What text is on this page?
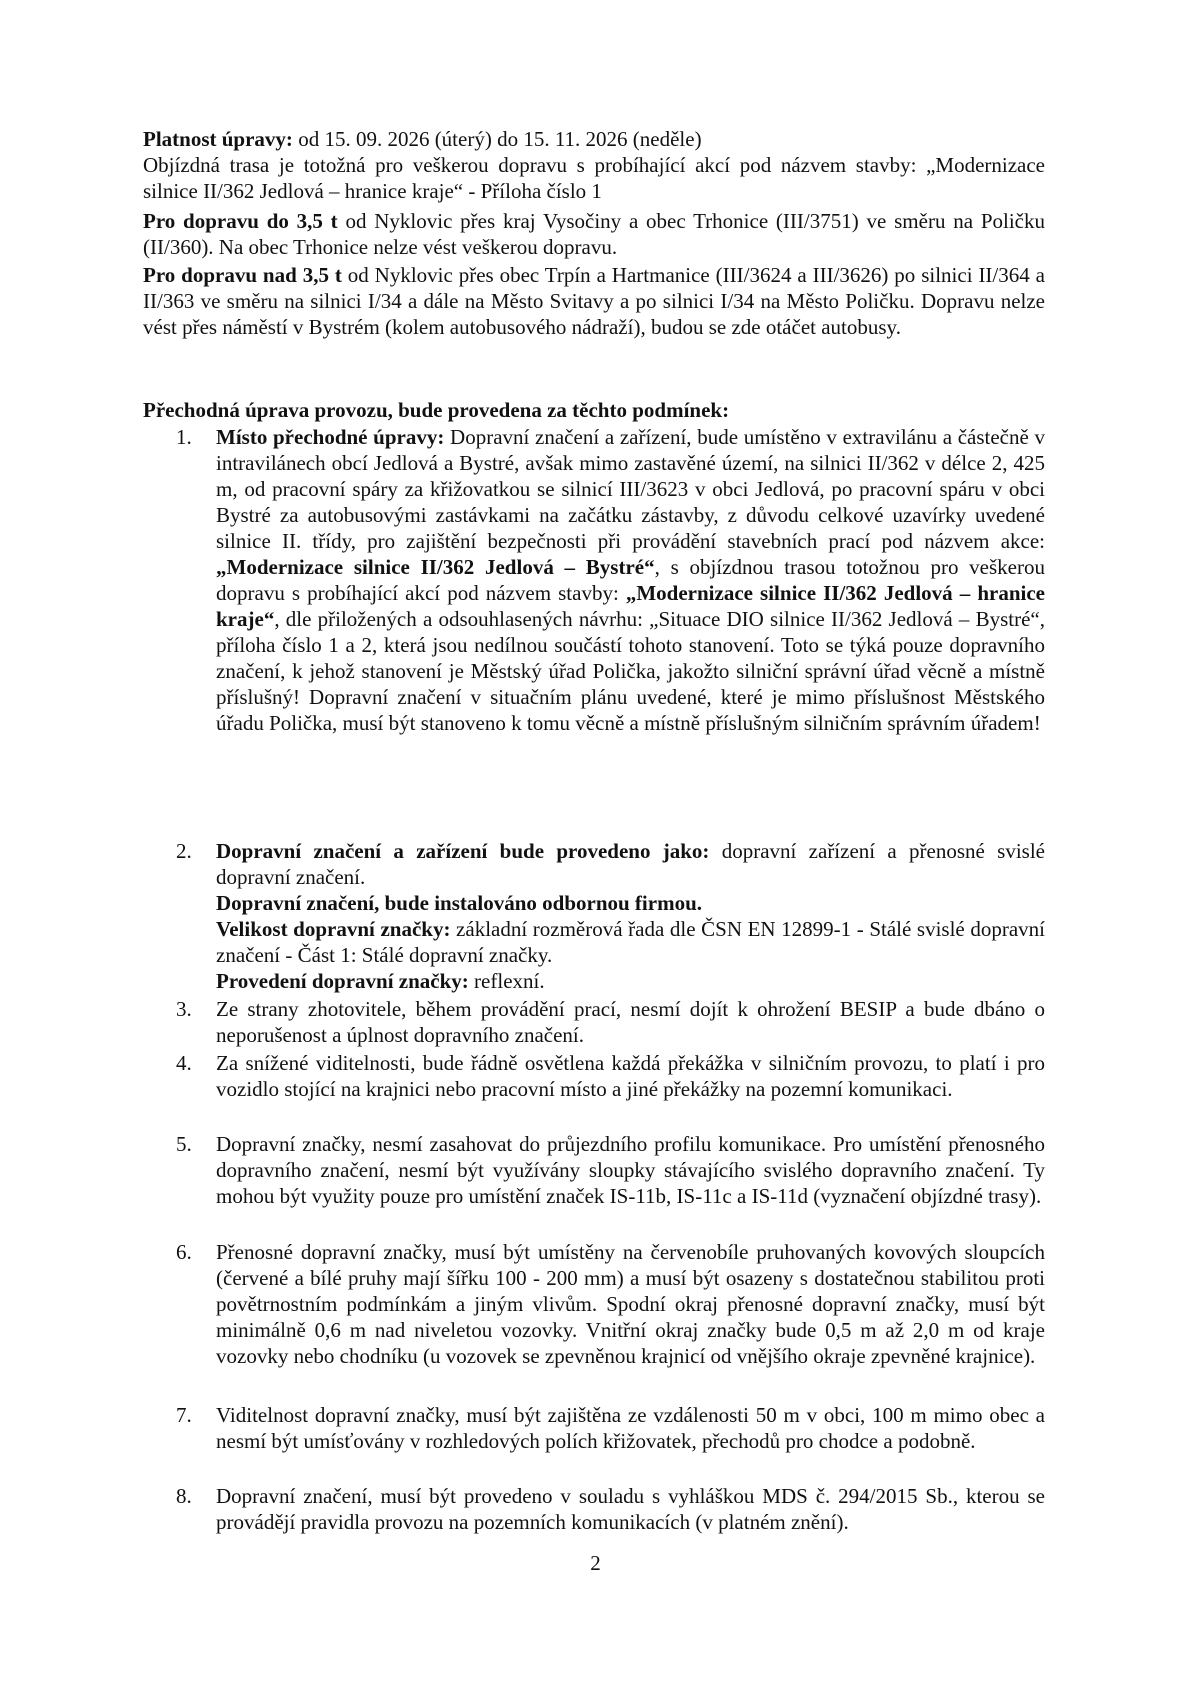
Platnost úpravy: od 15. 09. 2026 (úterý) do 15. 11. 2026 (neděle)

Objízdná trasa je totožná pro veškerou dopravu s probíhající akcí pod názvem stavby: „Modernizace silnice II/362 Jedlová – hranice kraje“ - Příloha číslo 1

Pro dopravu do 3,5 t od Nyklovic přes kraj Vysočiny a obec Trhonice (III/3751) ve směru na Poličku (II/360). Na obec Trhonice nelze vést veškerou dopravu.

Pro dopravu nad 3,5 t od Nyklovic přes obec Trpín a Hartmanice (III/3624 a III/3626) po silnici II/364 a II/363 ve směru na silnici I/34 a dále na Město Svitavy a po silnici I/34 na Město Poličku. Dopravu nelze vést přes náměstí v Bystrém (kolem autobusového nádraží), budou se zde otáčet autobusy.

Přechodná úprava provozu, bude provedena za těchto podmínek:

1.	Místo přechodné úpravy: Dopravní značení a zařízení, bude umístěno v extravilánu a částečně v intravilánech obcí Jedlová a Bystré, avšak mimo zastavěné území, na silnici II/362 v délce 2, 425 m, od pracovní spáry za křižovatkou se silnicí III/3623 v obci Jedlová, po pracovní spáru v obci Bystré za autobusovými zastávkami na začátku zástavby, z důvodu celkové uzavírky uvedené silnice II. třídy, pro zajištění bezpečnosti při provádění stavebních prací pod názvem akce: „Modernizace silnice II/362 Jedlová – Bystré“, s objízdnou trasou totožnou pro veškerou dopravu s probíhající akcí pod názvem stavby: „Modernizace silnice II/362 Jedlová – hranice kraje“, dle přiložených a odsouhlasených návrhu: „Situace DIO silnice II/362 Jedlová – Bystré“, příloha číslo 1 a 2, která jsou nedílnou součástí tohoto stanovení. Toto se týká pouze dopravního značení, k jehož stanovení je Městský úřad Polička, jakožto silniční správní úřad věcně a místně příslušný! Dopravní značení v situačním plánu uvedené, které je mimo příslušnost Městského úřadu Polička, musí být stanoveno k tomu věcně a místně příslušným silničním správním úřadem!
2.	Dopravní značení a zařízení bude provedeno jako: dopravní zařízení a přenosné svislé dopravní značení.
Dopravní značení, bude instalováno odbornou firmou.
Velikost dopravní značky: základní rozměrová řada dle ČSN EN 12899-1 - Stálé svislé dopravní značení - Část 1: Stálé dopravní značky.
Provedení dopravní značky: reflexní.
3.	Ze strany zhotovitele, během provádění prací, nesmí dojít k ohrožení BESIP a bude dbáno o neporušenost a úplnost dopravního značení.
4.	Za snížené viditelnosti, bude řádně osvětlena každá překážka v silničním provozu, to platí i pro vozidlo stojící na krajnici nebo pracovní místo a jiné překážky na pozemní komunikaci.
5.	Dopravní značky, nesmí zasahovat do průjezdního profilu komunikace. Pro umístění přenosného dopravního značení, nesmí být využívány sloupky stávajícího svislého dopravního značení. Ty mohou být využity pouze pro umístění značek IS-11b, IS-11c a IS-11d (vyznačení objízdné trasy).
6.	Přenosné dopravní značky, musí být umístěny na červenobíle pruhovaných kovových sloupcích (červené a bílé pruhy mají šířku 100 - 200 mm) a musí být osazeny s dostatečnou stabilitou proti povětrnostním podmínkám a jiným vlivům. Spodní okraj přenosné dopravní značky, musí být minimálně 0,6 m nad niveletou vozovky. Vnitřní okraj značky bude 0,5 m až 2,0 m od kraje vozovky nebo chodníku (u vozovek se zpevněnou krajnicí od vnějšího okraje zpevněné krajnice).
7.	Viditelnost dopravní značky, musí být zajištěna ze vzdálenosti 50 m v obci, 100 m mimo obec a nesmí být umísťovány v rozhledových polích křižovatek, přechodů pro chodce a podobně.
8.	Dopravní značení, musí být provedeno v souladu s vyhláškou MDS č. 294/2015 Sb., kterou se provádějí pravidla provozu na pozemních komunikacích (v platném znění).
2
